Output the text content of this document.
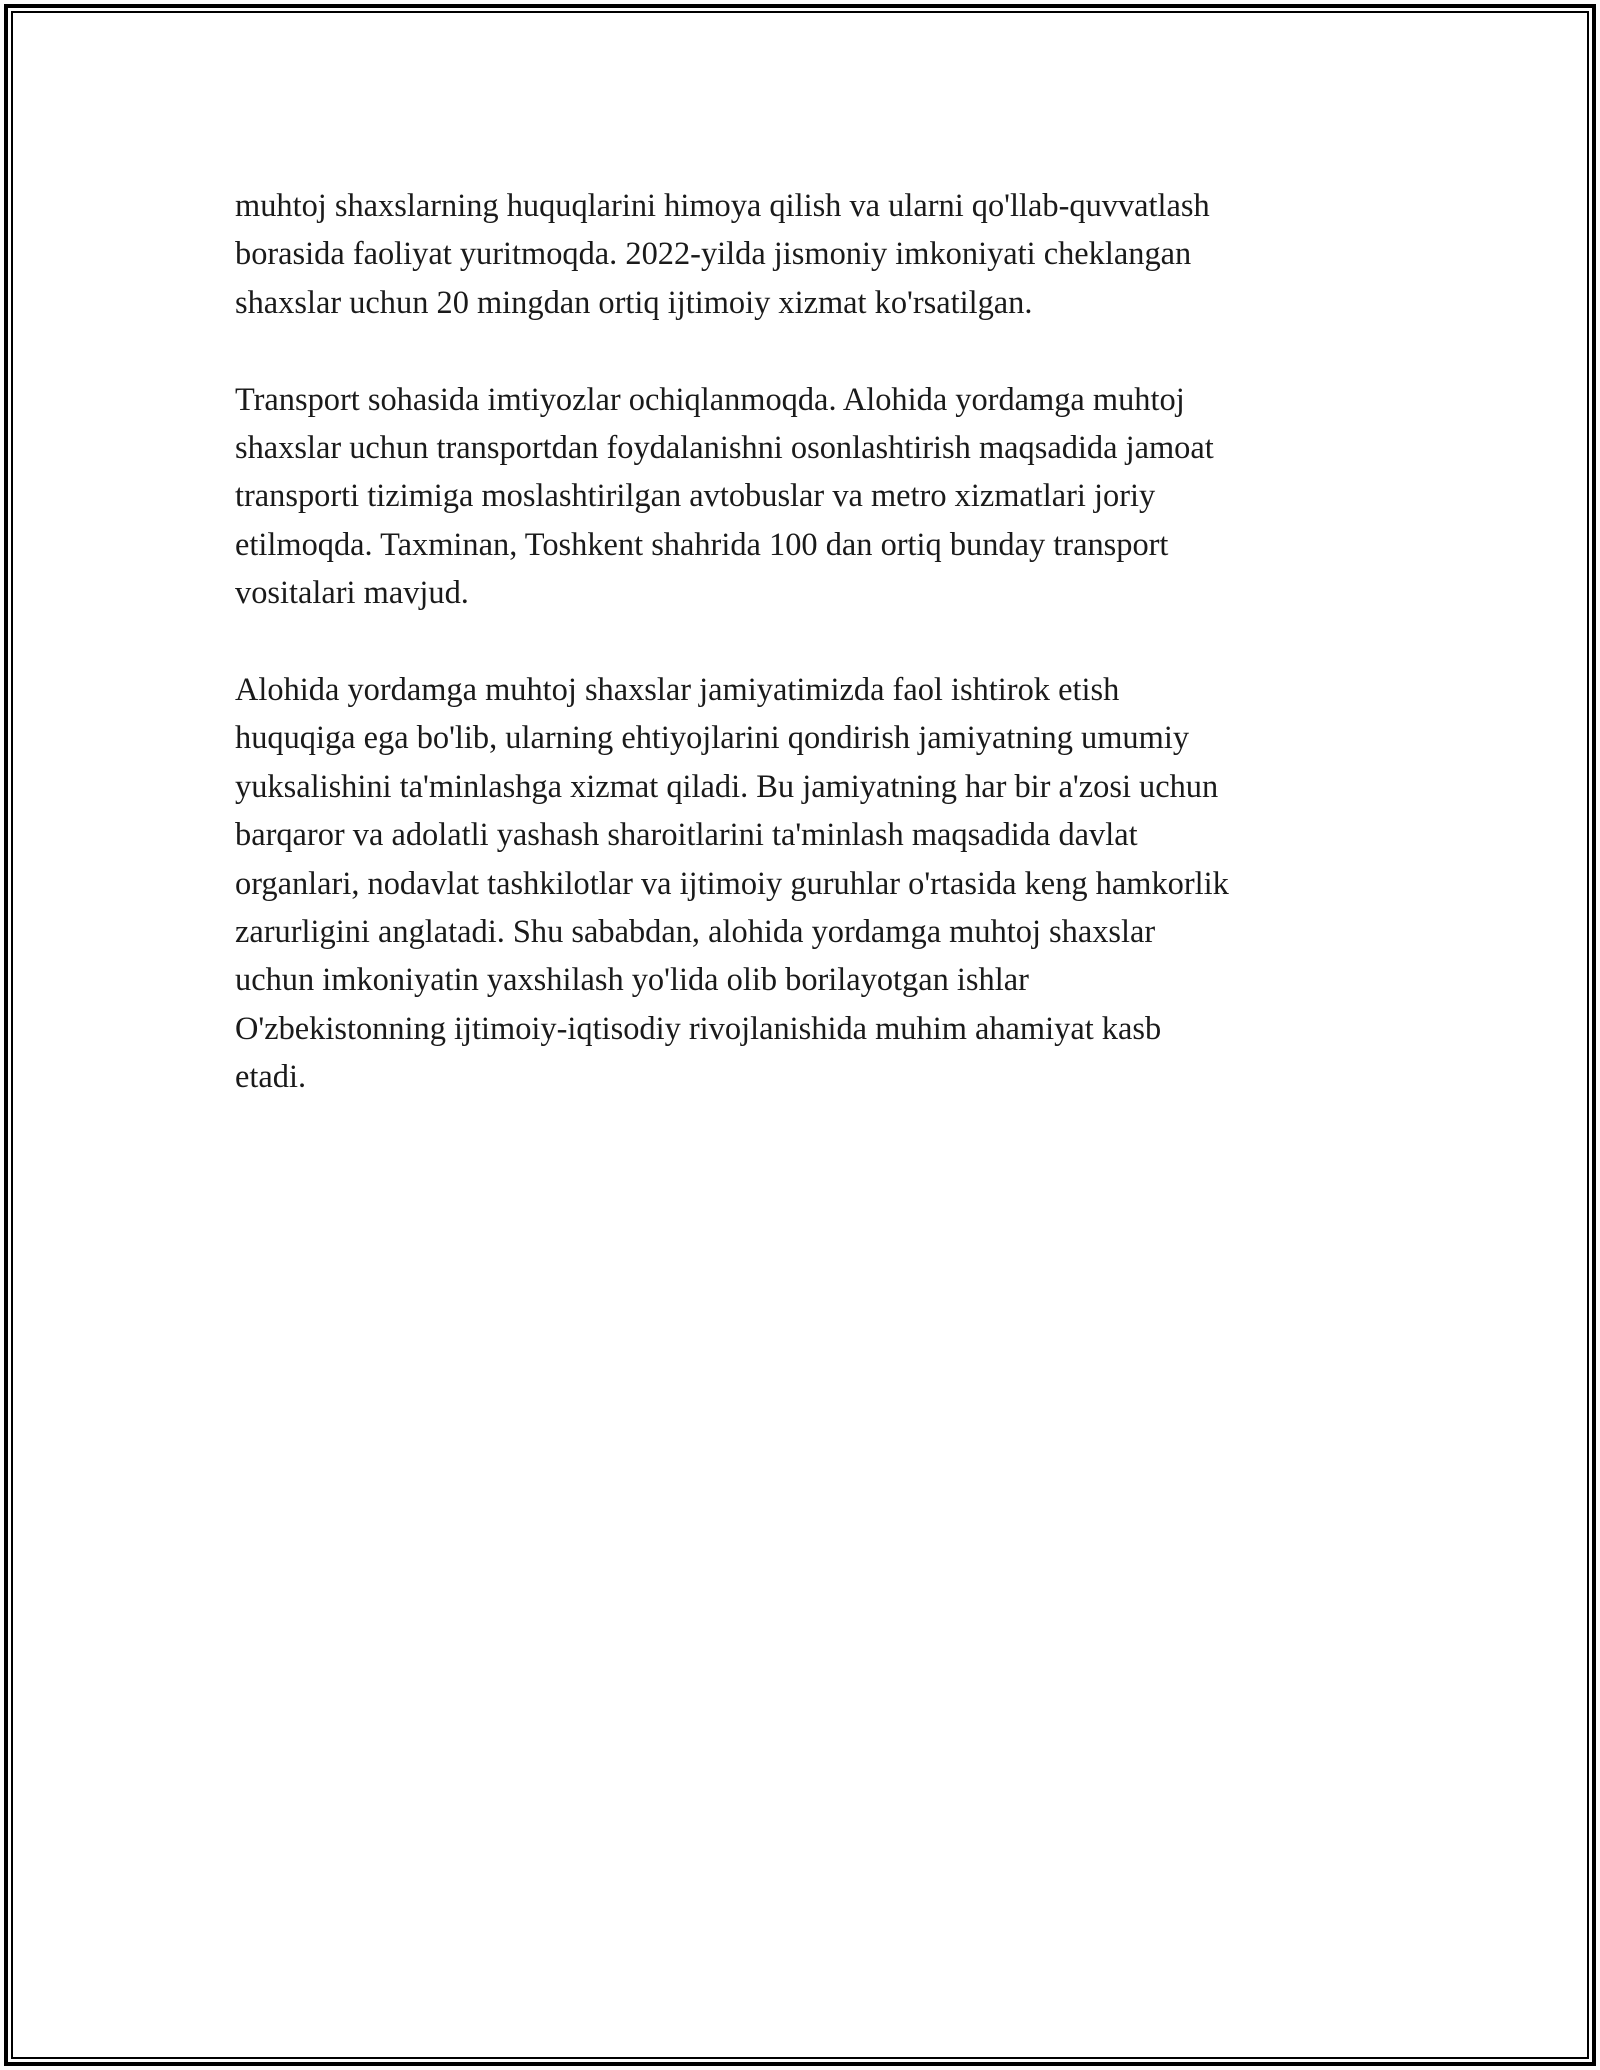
muhtoj shaxslarning huquqlarini himoya qilish va ularni qo'llab-quvvatlash
borasida faoliyat yuritmoqda. 2022-yilda jismoniy imkoniyati cheklangan
shaxslar uchun 20 mingdan ortiq ijtimoiy xizmat ko'rsatilgan.

Transport sohasida imtiyozlar ochiqlanmoqda. Alohida yordamga muhtoj
shaxslar uchun transportdan foydalanishni osonlashtirish maqsadida jamoat
transporti tizimiga moslashtirilgan avtobuslar va metro xizmatlari joriy
etilmoqda. Taxminan, Toshkent shahrida 100 dan ortiq bunday transport
vositalari mavjud.

Alohida yordamga muhtoj shaxslar jamiyatimizda faol ishtirok etish
huquqiga ega bo'lib, ularning ehtiyojlarini qondirish jamiyatning umumiy
yuksalishini ta'minlashga xizmat qiladi. Bu jamiyatning har bir a'zosi uchun
barqaror va adolatli yashash sharoitlarini ta'minlash maqsadida davlat
organlari, nodavlat tashkilotlar va ijtimoiy guruhlar o'rtasida keng hamkorlik
zarurligini anglatadi. Shu sababdan, alohida yordamga muhtoj shaxslar
uchun imkoniyatin yaxshilash yo'lida olib borilayotgan ishlar
O'zbekistonning ijtimoiy-iqtisodiy rivojlanishida muhim ahamiyat kasb
etadi.
